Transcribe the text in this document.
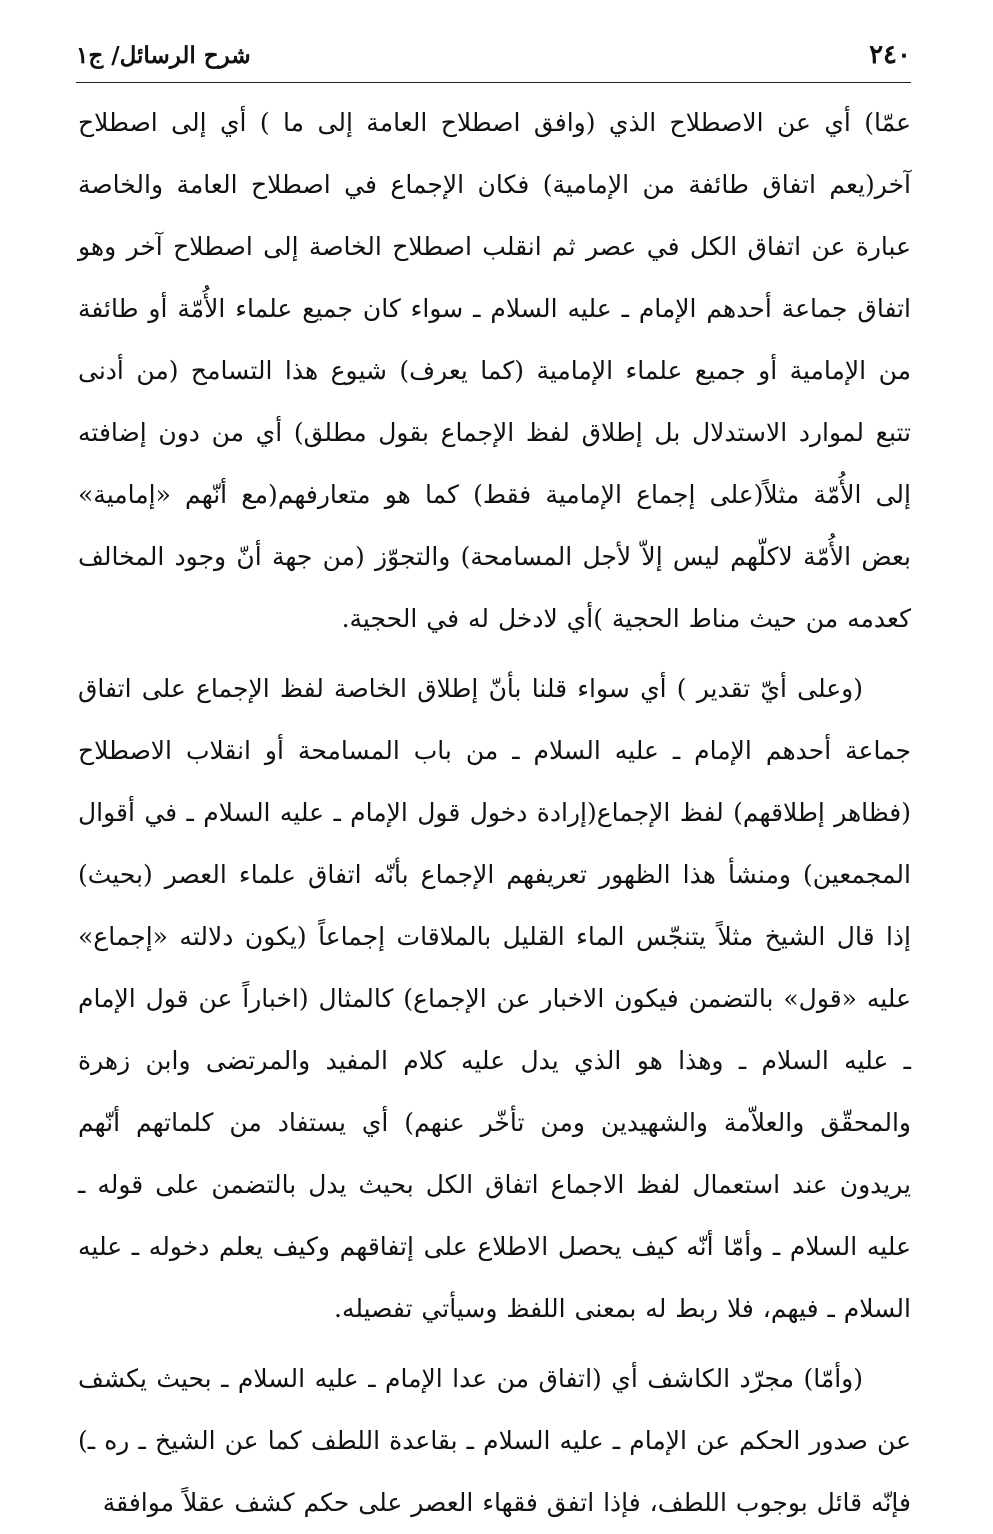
٢٤٠
شرح الرسائل/ ج١

عمّا) أي عن الاصطلاح الذي (وافق اصطلاح العامة إلى ما ) أي إلى اصطلاح آخر(يعم اتفاق طائفة من الإمامية) فكان الإجماع في اصطلاح العامة والخاصة عبارة عن اتفاق الكل في عصر ثم انقلب اصطلاح الخاصة إلى اصطلاح آخر وهو اتفاق جماعة أحدهم الإمام ـ عليه السلام ـ سواء كان جميع علماء الأُمّة أو طائفة من الإمامية أو جميع علماء الإمامية (كما يعرف) شيوع هذا التسامح (من أدنى تتبع لموارد الاستدلال بل إطلاق لفظ الإجماع بقول مطلق) أي من دون إضافته إلى الأُمّة مثلاً(على إجماع الإمامية فقط) كما هو متعارفهم(مع أنّهم «إمامية» بعض الأُمّة لاكلّهم ليس إلاّ لأجل المسامحة) والتجوّز (من جهة أنّ وجود المخالف كعدمه من حيث مناط الحجية )أي لادخل له في الحجية.

(وعلى أيّ تقدير ) أي سواء قلنا بأنّ إطلاق الخاصة لفظ الإجماع على اتفاق جماعة أحدهم الإمام ـ عليه السلام ـ من باب المسامحة أو انقلاب الاصطلاح (فظاهر إطلاقهم) لفظ الإجماع(إرادة دخول قول الإمام ـ عليه السلام ـ في أقوال المجمعين) ومنشأ هذا الظهور تعريفهم الإجماع بأنّه اتفاق علماء العصر (بحيث) إذا قال الشيخ مثلاً يتنجّس الماء القليل بالملاقات إجماعاً (يكون دلالته «إجماع» عليه «قول» بالتضمن فيكون الاخبار عن الإجماع) كالمثال (اخباراً عن قول الإمام ـ عليه السلام ـ وهذا هو الذي يدل عليه كلام المفيد والمرتضى وابن زهرة والمحقّق والعلاّمة والشهيدين ومن تأخّر عنهم) أي يستفاد من كلماتهم أنّهم يريدون عند استعمال لفظ الاجماع اتفاق الكل بحيث يدل بالتضمن على قوله ـ عليه السلام ـ وأمّا أنّه كيف يحصل الاطلاع على إتفاقهم وكيف يعلم دخوله ـ عليه السلام ـ فيهم، فلا ربط له بمعنى اللفظ وسيأتي تفصيله.

(وأمّا) مجرّد الكاشف أي (اتفاق من عدا الإمام ـ عليه السلام ـ بحيث يكشف عن صدور الحكم عن الإمام ـ عليه السلام ـ بقاعدة اللطف كما عن الشيخ ـ ره ـ) فإنّه قائل بوجوب اللطف، فإذا اتفق فقهاء العصر على حكم كشف عقلاً موافقة
